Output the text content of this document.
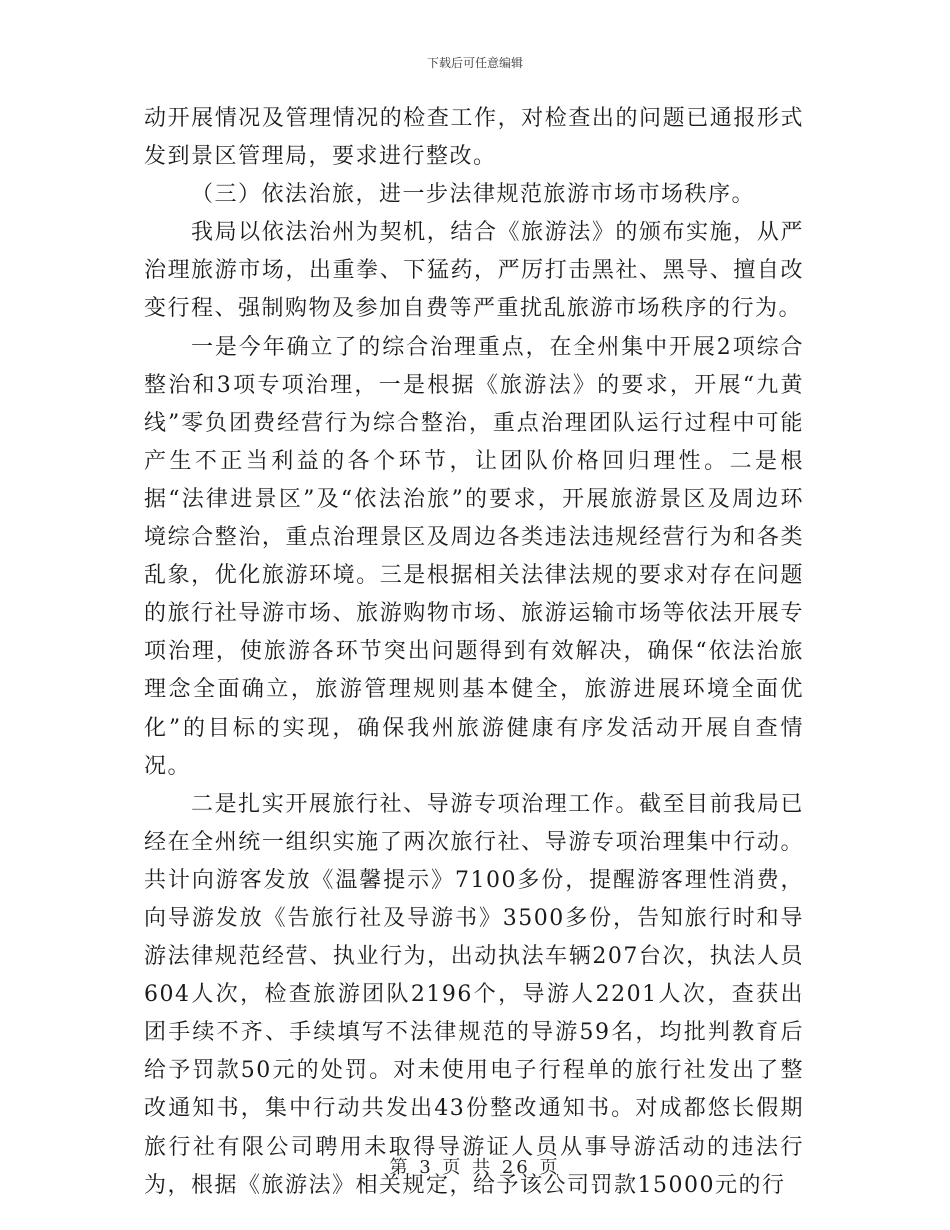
下载后可任意编辑

动开展情况及管理情况的检查工作，对检查出的问题已通报形式发到景区管理局，要求进行整改。

（三）依法治旅，进一步法律规范旅游市场市场秩序。

我局以依法治州为契机，结合《旅游法》的颁布实施，从严治理旅游市场，出重拳、下猛药，严厉打击黑社、黑导、擅自改变行程、强制购物及参加自费等严重扰乱旅游市场秩序的行为。

一是今年确立了的综合治理重点，在全州集中开展2项综合整治和3项专项治理，一是根据《旅游法》的要求，开展“九黄线”零负团费经营行为综合整治，重点治理团队运行过程中可能产生不正当利益的各个环节，让团队价格回归理性。二是根据“法律进景区”及“依法治旅”的要求，开展旅游景区及周边环境综合整治，重点治理景区及周边各类违法违规经营行为和各类乱象，优化旅游环境。三是根据相关法律法规的要求对存在问题的旅行社导游市场、旅游购物市场、旅游运输市场等依法开展专项治理，使旅游各环节突出问题得到有效解决，确保“依法治旅理念全面确立，旅游管理规则基本健全，旅游进展环境全面优化”的目标的实现，确保我州旅游健康有序发活动开展自查情况。

二是扎实开展旅行社、导游专项治理工作。截至目前我局已经在全州统一组织实施了两次旅行社、导游专项治理集中行动。共计向游客发放《温馨提示》7100多份，提醒游客理性消费，向导游发放《告旅行社及导游书》3500多份，告知旅行时和导游法律规范经营、执业行为，出动执法车辆207台次，执法人员604人次，检查旅游团队2196个，导游人2201人次，查获出团手续不齐、手续填写不法律规范的导游59名，均批判教育后给予罚款50元的处罚。对未使用电子行程单的旅行社发出了整改通知书，集中行动共发出43份整改通知书。对成都悠长假期旅行社有限公司聘用未取得导游证人员从事导游活动的违法行为，根据《旅游法》相关规定，给予该公司罚款15000元的行

第 3 页 共 26 页
